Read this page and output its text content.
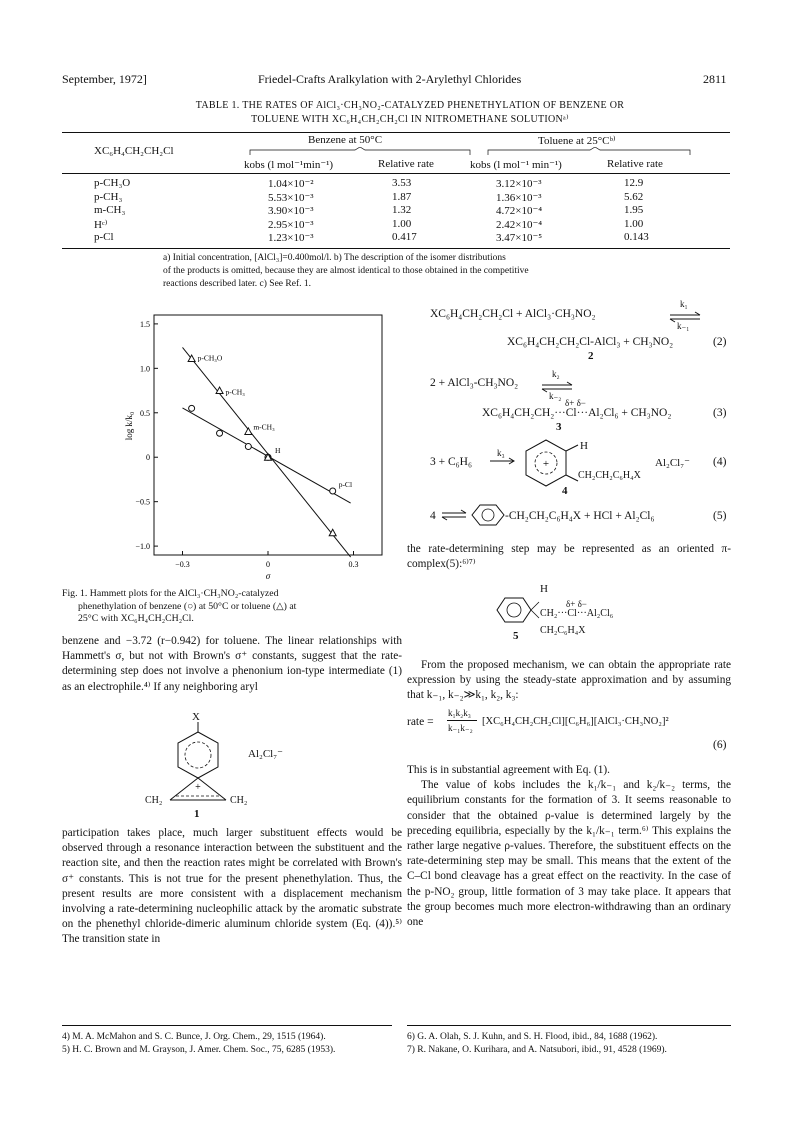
September, 1972]	Friedel-Crafts Aralkylation with 2-Arylethyl Chlorides	2811
TABLE 1. THE RATES OF AlCl₃·CH₃NO₂-CATALYZED PHENETHYLATION OF BENZENE OR
TOLUENE WITH XC₆H₄CH₂CH₂Cl IN NITROMETHANE SOLUTIONᵃ⁾
XC₆H₄CH₂CH₂Cl
Benzene at 50°C	Toluene at 25°Cᵇ⁾
kobs (l mol⁻¹min⁻¹)	Relative rate	kobs (l mol⁻¹ min⁻¹)	Relative rate
p-CH₃O	1.04×10⁻²	3.53	3.12×10⁻³	12.9
p-CH₃	5.53×10⁻³	1.87	1.36×10⁻³	5.62
m-CH₃	3.90×10⁻³	1.32	4.72×10⁻⁴	1.95
Hᶜ⁾	2.95×10⁻³	1.00	2.42×10⁻⁴	1.00
p-Cl	1.23×10⁻³	0.417	3.47×10⁻⁵	0.143
a) Initial concentration, [AlCl₃]=0.400mol/l. b) The description of the isomer distributions
of the products is omitted, because they are almost identical to those obtained in the competitive
reactions described later. c) See Ref. 1.
−0.3	0	0.3
1.5
1.0
0.5
0
−0.5
−1.0
σ
log k/k₀
p-CH₃O
p-CH₃
m-CH₃
H
p-Cl
Fig. 1. Hammett plots for the AlCl₃·CH₃NO₂-catalyzed
phenethylation of benzene (○) at 50°C or toluene (△) at
25°C with XC₆H₄CH₂CH₂Cl.

benzene and −3.72 (r−0.942) for toluene. The linear relationships with Hammett's σ, but not with Brown's σ⁺ constants, suggest that the rate-determining step does not involve a phenonium ion-type intermediate (1) as an electrophile.⁴⁾ If any neighboring aryl

+
X
Al₂Cl₇⁻
CH₂	CH₂
1

participation takes place, much larger substituent effects would be observed through a resonance interaction between the substituent and the reaction site, and then the reaction rates might be correlated with Brown's σ⁺ constants. This is not true for the present phenethylation. Thus, the present results are more consistent with a displacement mechanism involving a rate-determining nucleophilic attack by the aromatic substrate on the phenethyl chloride-dimeric aluminum chloride system (Eq. (4)).⁵⁾ The transition state in

4) M. A. McMahon and S. C. Bunce, J. Org. Chem., 29, 1515 (1964).
5) H. C. Brown and M. Grayson, J. Amer. Chem. Soc., 75, 6285 (1953).
XC₆H₄CH₂CH₂Cl + AlCl₃·CH₃NO₂
k₁
k₋₁
XC₆H₄CH₂CH₂Cl-AlCl₃ + CH₃NO₂	(2)
2
2 + AlCl₃-CH₃NO₂
k₂
k₋₂
δ+ δ−
XC₆H₄CH₂CH₂···Cl···Al₂Cl₆ + CH₃NO₂	(3)
3
3 + C₆H₆
k₃
+
H
CH₂CH₂C₆H₄X
Al₂Cl₇⁻ (4)
4
4	-CH₂CH₂C₆H₄X + HCl + Al₂Cl₆	(5)

the rate-determining step may be represented as an oriented π-complex(5):⁶⁾⁷⁾

H
δ+ δ−
CH₂···Cl···Al₂Cl₆
CH₂C₆H₄X
5

From the proposed mechanism, we can obtain the appropriate rate expression by using the steady-state approximation and by assuming that k₋₁, k₋₂≫k₁, k₂, k₃:

rate =
k₁k₂k₃
k₋₁k₋₂
[XC₆H₄CH₂CH₂Cl][C₆H₆][AlCl₃·CH₃NO₂]²
(6)

This is in substantial agreement with Eq. (1).

The value of kobs includes the k₁/k₋₁ and k₂/k₋₂ terms, the equilibrium constants for the formation of 3. It seems reasonable to consider that the obtained ρ-value is determined largely by the preceding equilibria, especially by the k₁/k₋₁ term.⁶⁾ This explains the rather large negative ρ-values. Therefore, the substituent effects on the rate-determining step may be small. This means that the extent of the C–Cl bond cleavage has a great effect on the reactivity. In the case of the p-NO₂ group, little formation of 3 may take place. It appears that the group becomes much more electron-withdrawing than an ordinary one

6) G. A. Olah, S. J. Kuhn, and S. H. Flood, ibid., 84, 1688 (1962).
7) R. Nakane, O. Kurihara, and A. Natsubori, ibid., 91, 4528 (1969).
